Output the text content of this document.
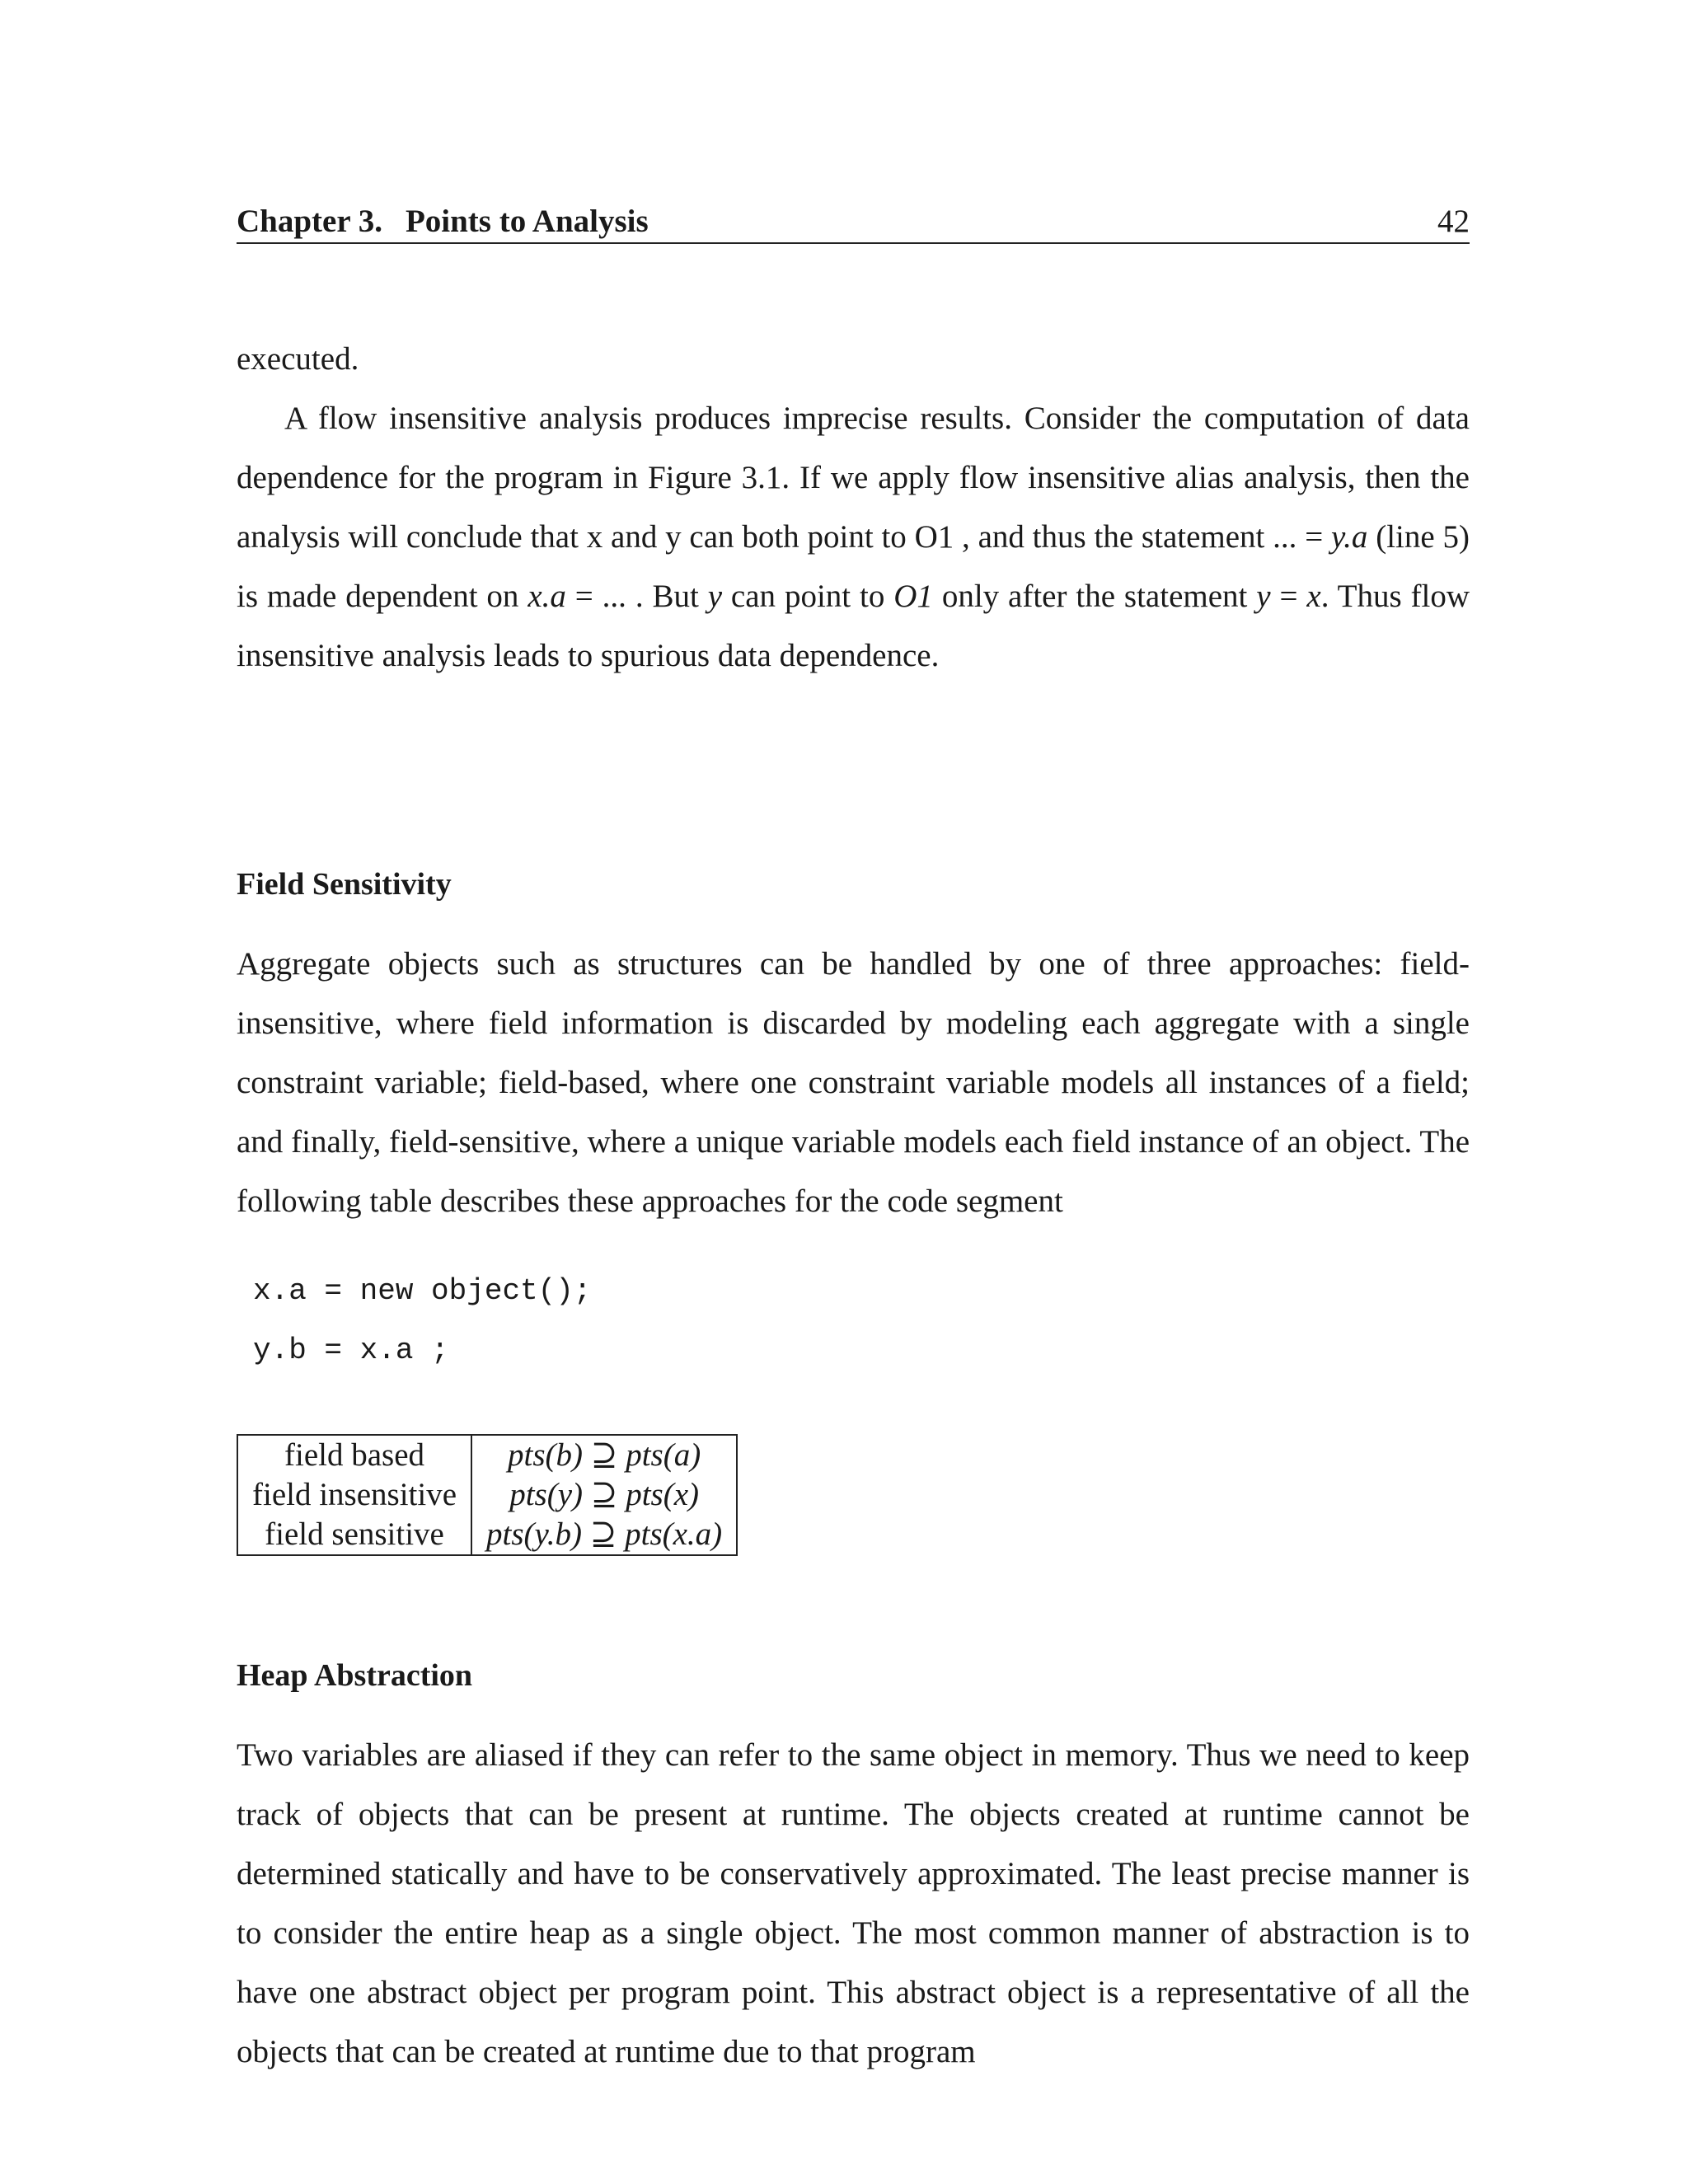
Chapter 3. Points to Analysis	42

executed.

A flow insensitive analysis produces imprecise results. Consider the computation of data dependence for the program in Figure 3.1. If we apply flow insensitive alias analysis, then the analysis will conclude that x and y can both point to O1 , and thus the statement ... = y.a (line 5) is made dependent on x.a = ... . But y can point to O1 only after the statement y = x. Thus flow insensitive analysis leads to spurious data dependence.

Field Sensitivity

Aggregate objects such as structures can be handled by one of three approaches: field-insensitive, where field information is discarded by modeling each aggregate with a single constraint variable; field-based, where one constraint variable models all instances of a field; and finally, field-sensitive, where a unique variable models each field instance of an object. The following table describes these approaches for the code segment

x.a = new object();
y.b = x.a ;
field based	pts(b) ⊇ pts(a)
field insensitive	pts(y) ⊇ pts(x)
field sensitive	pts(y.b) ⊇ pts(x.a)
Heap Abstraction

Two variables are aliased if they can refer to the same object in memory. Thus we need to keep track of objects that can be present at runtime. The objects created at runtime cannot be determined statically and have to be conservatively approximated. The least precise manner is to consider the entire heap as a single object. The most common manner of abstraction is to have one abstract object per program point. This abstract object is a representative of all the objects that can be created at runtime due to that program
